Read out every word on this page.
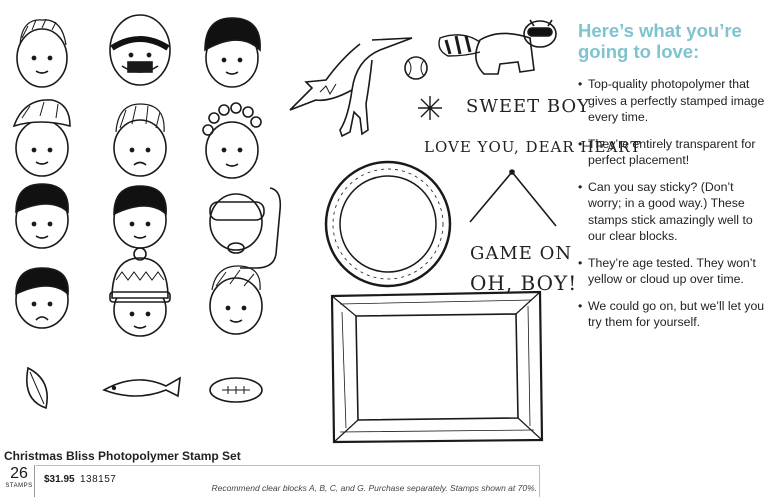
SWEET BOY
LOVE YOU, DEAR HEART
GAME ON
OH, BOY!
Here’s what you’re
going to love:
• Top-quality photopolymer that gives a perfectly stamped image every time.
• They’re entirely transparent for perfect placement!
• Can you say sticky? (Don’t worry; in a good way.) These stamps stick amazingly well to our clear blocks.
• They’re age tested. They won’t yellow or cloud up over time.
• We could go on, but we’ll let you try them for yourself.
Christmas Bliss Photopolymer Stamp Set
26
STAMPS
$31.95 138157
Recommend clear blocks A, B, C, and G. Purchase separately. Stamps shown at 70%.
